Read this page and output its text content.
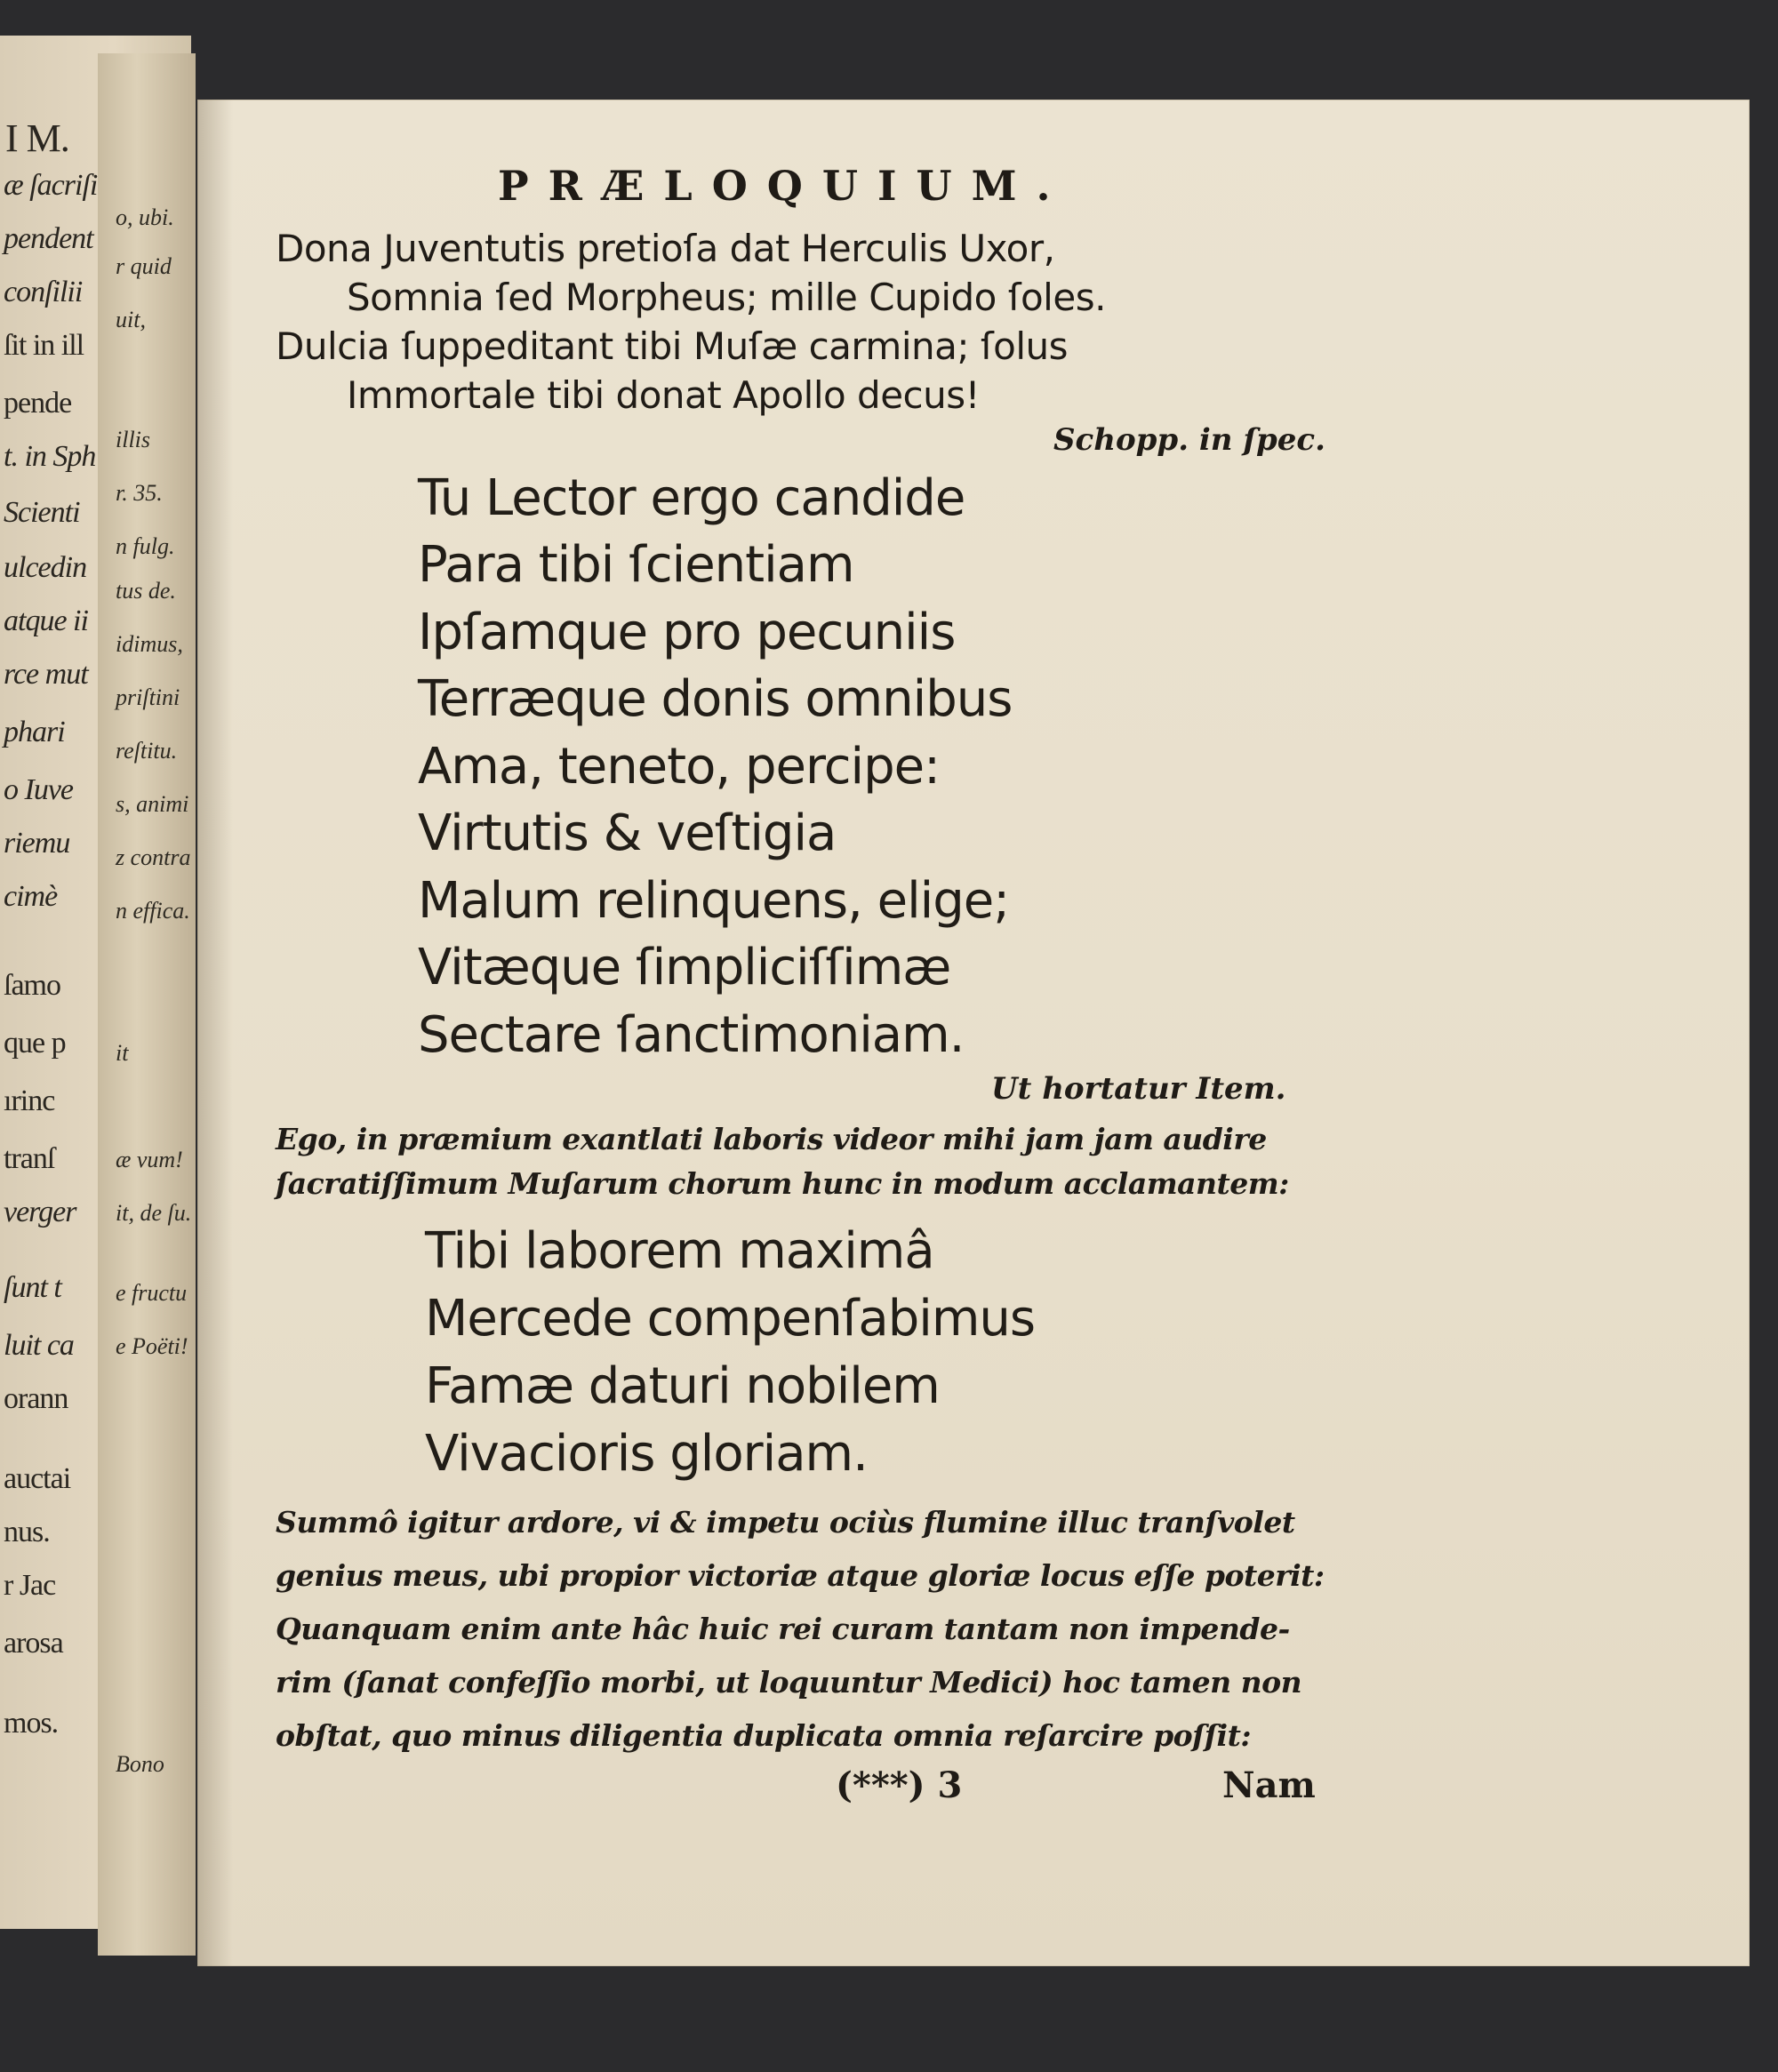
I M.
æ ſacriſi
pendent
conſilii
ſit in ill
pende
t. in Sph
Scienti
ulcedin
atque ii
rce mut
phari
o Iuve
riemu
cimè
ſamo
que p
ırinc
tranſ
verger
ſunt t
luit ca
orann
auctai
nus.
r Jac
arosa
mos.
o, ubi.
r quid
uit,
illis
r. 35.
n fulg.
tus de.
idimus,
priſtini
reſtitu.
s, animi
z contra
n effica.
it
æ vum!
it, de ſu.
e fructu
e Poëti!
Bono
PRÆLOQUIUM.
Dona Juventutis pretioſa dat Herculis Uxor,
Somnia ſed Morpheus; mille Cupido ſoles.
Dulcia ſuppeditant tibi Muſæ carmina; ſolus
Immortale tibi donat Apollo decus!
Schopp. in ſpec.
Tu Lector ergo candide
Para tibi ſcientiam
Ipſamque pro pecuniis
Terræque donis omnibus
Ama, teneto, percipe:
Virtutis & veſtigia
Malum relinquens, elige;
Vitæque ſimpliciſſimæ
Sectare ſanctimoniam.
Ut hortatur Item.
Ego, in præmium exantlati laboris videor mihi jam jam audire
ſacratiſſimum Muſarum chorum hunc in modum acclamantem:
Tibi laborem maximâ
Mercede compenſabimus
Famæ daturi nobilem
Vivacioris gloriam.
Summô igitur ardore, vi & impetu ociùs flumine illuc tranſvolet
genius meus, ubi propior victoriæ atque gloriæ locus eſſe poterit:
Quanquam enim ante hâc huic rei curam tantam non impende-
rim (ſanat confeſſio morbi, ut loquuntur Medici) hoc tamen non
obſtat, quo minus diligentia duplicata omnia reſarcire poſſit:
(***) 3	Nam
